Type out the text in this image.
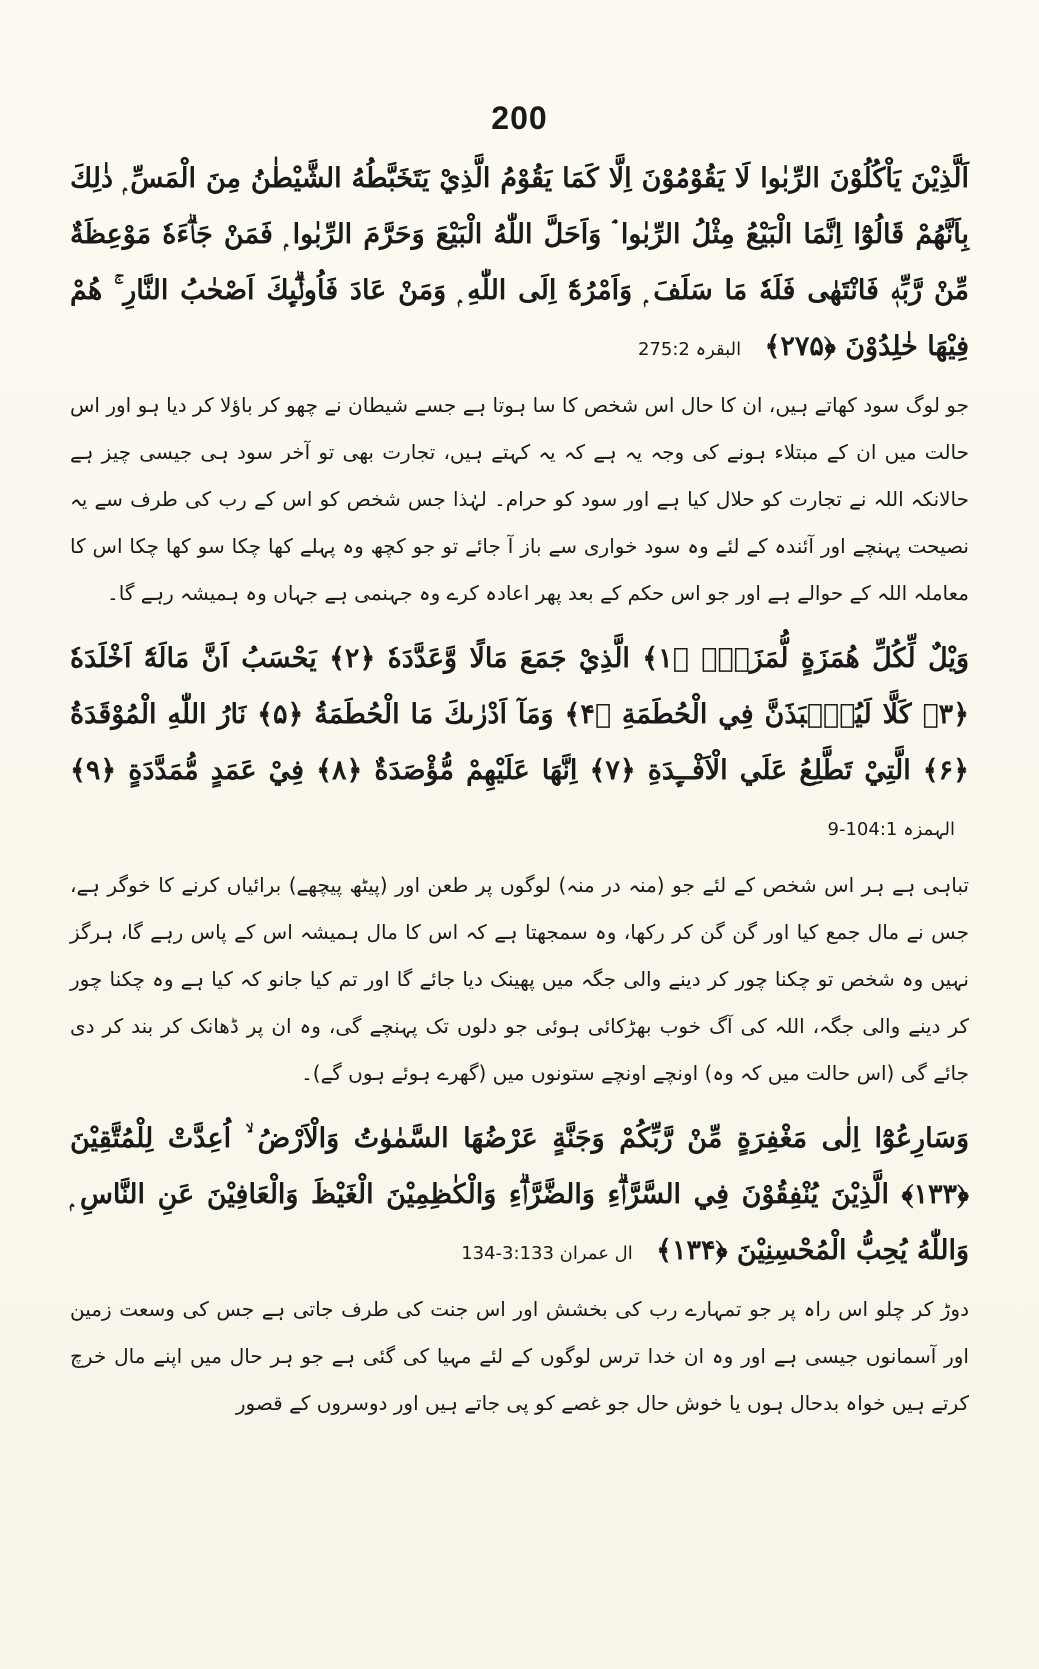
200

اَلَّذِيْنَ يَاْكُلُوْنَ الرِّبٰوا لَا يَقُوْمُوْنَ اِلَّا كَمَا يَقُوْمُ الَّذِيْ يَتَخَبَّطُهُ الشَّيْطٰنُ مِنَ الْمَسِّ ۭ ذٰلِكَ بِاَنَّهُمْ قَالُوْٓا اِنَّمَا الْبَيْعُ مِثْلُ الرِّبٰوا ۘ وَاَحَلَّ اللّٰهُ الْبَيْعَ وَحَرَّمَ الرِّبٰوا ۭ فَمَنْ جَاۗءَهٗ مَوْعِظَةٌ مِّنْ رَّبِّهٖ فَانْتَهٰى فَلَهٗ مَا سَلَفَ ۭ وَاَمْرُهٗٓ اِلَى اللّٰهِ ۭ وَمَنْ عَادَ فَاُولٰۗىِٕكَ اَصْحٰبُ النَّارِ ۚ ھُمْ فِيْهَا خٰلِدُوْنَ ﴿۲۷۵﴾ البقرہ 275:2

جو لوگ سود کھاتے ہیں، ان کا حال اس شخص کا سا ہوتا ہے جسے شیطان نے چھو کر باؤلا کر دیا ہو اور اس حالت میں ان کے مبتلاء ہونے کی وجہ یہ ہے کہ یہ کہتے ہیں، تجارت بھی تو آخر سود ہی جیسی چیز ہے حالانکہ اللہ نے تجارت کو حلال کیا ہے اور سود کو حرام۔ لہٰذا جس شخص کو اس کے رب کی طرف سے یہ نصیحت پہنچے اور آئندہ کے لئے وہ سود خواری سے باز آ جائے تو جو کچھ وہ پہلے کھا چکا سو کھا چکا اس کا معاملہ اللہ کے حوالے ہے اور جو اس حکم کے بعد پھر اعادہ کرے وہ جہنمی ہے جہاں وہ ہمیشہ رہے گا۔

وَيْلٌ لِّكُلِّ هُمَزَةٍ لُّمَزَةِۨ ﴿۱﴾ الَّذِيْ جَمَعَ مَالًا وَّعَدَّدَهٗ ﴿۲﴾ يَحْسَبُ اَنَّ مَالَهٗٓ اَخْلَدَهٗ ﴿۳﴾ كَلَّا لَيُنْۢبَذَنَّ فِي الْحُطَمَةِ ﴿۴﴾ وَمَآ اَدْرٰىكَ مَا الْحُطَمَةُ ﴿۵﴾ نَارُ اللّٰهِ الْمُوْقَدَةُ ﴿۶﴾ الَّتِيْ تَطَّلِعُ عَلَي الْاَفْــِٕدَةِ ﴿۷﴾ اِنَّهَا عَلَيْهِمْ مُّؤْصَدَةٌ ﴿۸﴾ فِيْ عَمَدٍ مُّمَدَّدَةٍ ﴿۹﴾ الہمزہ 104:1-9

تباہی ہے ہر اس شخص کے لئے جو (منہ در منہ) لوگوں پر طعن اور (پیٹھ پیچھے) برائیاں کرنے کا خوگر ہے، جس نے مال جمع کیا اور گن گن کر رکھا، وہ سمجھتا ہے کہ اس کا مال ہمیشہ اس کے پاس رہے گا، ہرگز نہیں وہ شخص تو چکنا چور کر دینے والی جگہ میں پھینک دیا جائے گا اور تم کیا جانو کہ کیا ہے وہ چکنا چور کر دینے والی جگہ، اللہ کی آگ خوب بھڑکائی ہوئی جو دلوں تک پہنچے گی، وہ ان پر ڈھانک کر بند کر دی جائے گی (اس حالت میں کہ وہ) اونچے اونچے ستونوں میں (گھرے ہوئے ہوں گے)۔

وَسَارِعُوْٓا اِلٰى مَغْفِرَةٍ مِّنْ رَّبِّكُمْ وَجَنَّةٍ عَرْضُھَا السَّمٰوٰتُ وَالْاَرْضُ ۙ اُعِدَّتْ لِلْمُتَّقِيْنَ ﴿۱۳۳﴾ الَّذِيْنَ يُنْفِقُوْنَ فِي السَّرَّاۗءِ وَالضَّرَّاۗءِ وَالْكٰظِمِيْنَ الْغَيْظَ وَالْعَافِيْنَ عَنِ النَّاسِ ۭ وَاللّٰهُ يُحِبُّ الْمُحْسِنِيْنَ ﴿۱۳۴﴾ ال عمران 3:133-134

دوڑ کر چلو اس راہ پر جو تمہارے رب کی بخشش اور اس جنت کی طرف جاتی ہے جس کی وسعت زمین اور آسمانوں جیسی ہے اور وہ ان خدا ترس لوگوں کے لئے مہیا کی گئی ہے جو ہر حال میں اپنے مال خرچ کرتے ہیں خواہ بدحال ہوں یا خوش حال جو غصے کو پی جاتے ہیں اور دوسروں کے قصور
